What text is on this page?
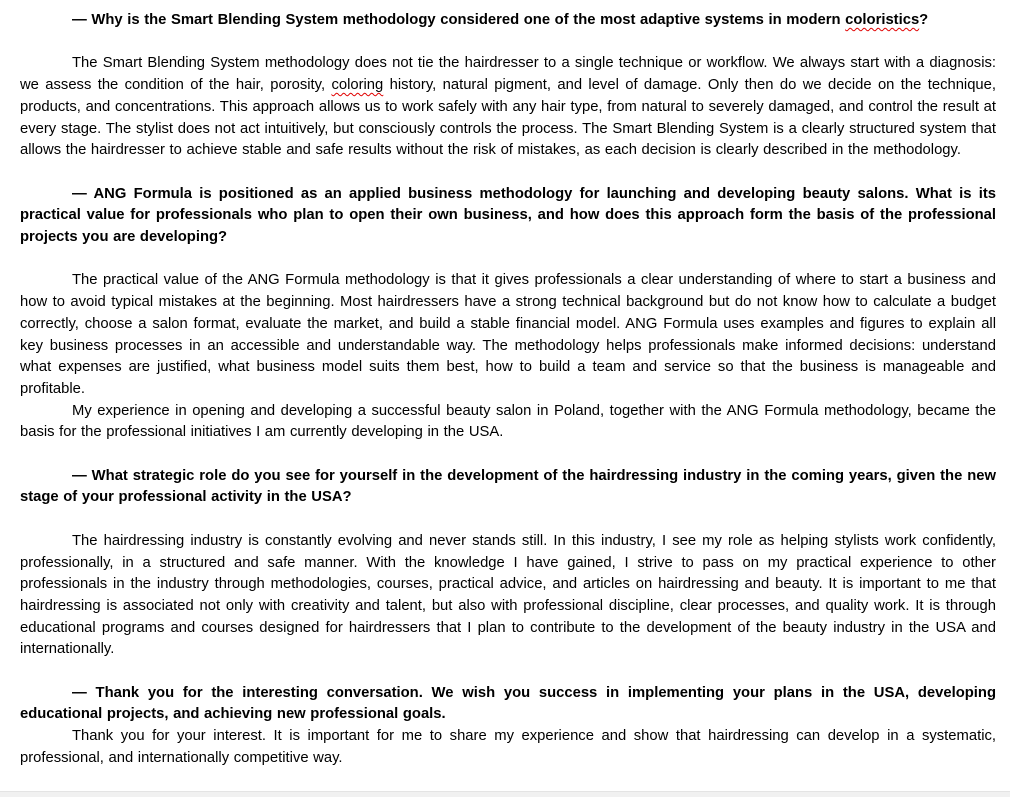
— Why is the Smart Blending System methodology considered one of the most adaptive systems in modern coloristics?
The Smart Blending System methodology does not tie the hairdresser to a single technique or workflow. We always start with a diagnosis: we assess the condition of the hair, porosity, coloring history, natural pigment, and level of damage. Only then do we decide on the technique, products, and concentrations. This approach allows us to work safely with any hair type, from natural to severely damaged, and control the result at every stage. The stylist does not act intuitively, but consciously controls the process. The Smart Blending System is a clearly structured system that allows the hairdresser to achieve stable and safe results without the risk of mistakes, as each decision is clearly described in the methodology.
— ANG Formula is positioned as an applied business methodology for launching and developing beauty salons. What is its practical value for professionals who plan to open their own business, and how does this approach form the basis of the professional projects you are developing?
The practical value of the ANG Formula methodology is that it gives professionals a clear understanding of where to start a business and how to avoid typical mistakes at the beginning. Most hairdressers have a strong technical background but do not know how to calculate a budget correctly, choose a salon format, evaluate the market, and build a stable financial model. ANG Formula uses examples and figures to explain all key business processes in an accessible and understandable way. The methodology helps professionals make informed decisions: understand what expenses are justified, what business model suits them best, how to build a team and service so that the business is manageable and profitable.
My experience in opening and developing a successful beauty salon in Poland, together with the ANG Formula methodology, became the basis for the professional initiatives I am currently developing in the USA.
— What strategic role do you see for yourself in the development of the hairdressing industry in the coming years, given the new stage of your professional activity in the USA?
The hairdressing industry is constantly evolving and never stands still. In this industry, I see my role as helping stylists work confidently, professionally, in a structured and safe manner. With the knowledge I have gained, I strive to pass on my practical experience to other professionals in the industry through methodologies, courses, practical advice, and articles on hairdressing and beauty. It is important to me that hairdressing is associated not only with creativity and talent, but also with professional discipline, clear processes, and quality work. It is through educational programs and courses designed for hairdressers that I plan to contribute to the development of the beauty industry in the USA and internationally.
— Thank you for the interesting conversation. We wish you success in implementing your plans in the USA, developing educational projects, and achieving new professional goals.
Thank you for your interest. It is important for me to share my experience and show that hairdressing can develop in a systematic, professional, and internationally competitive way.
